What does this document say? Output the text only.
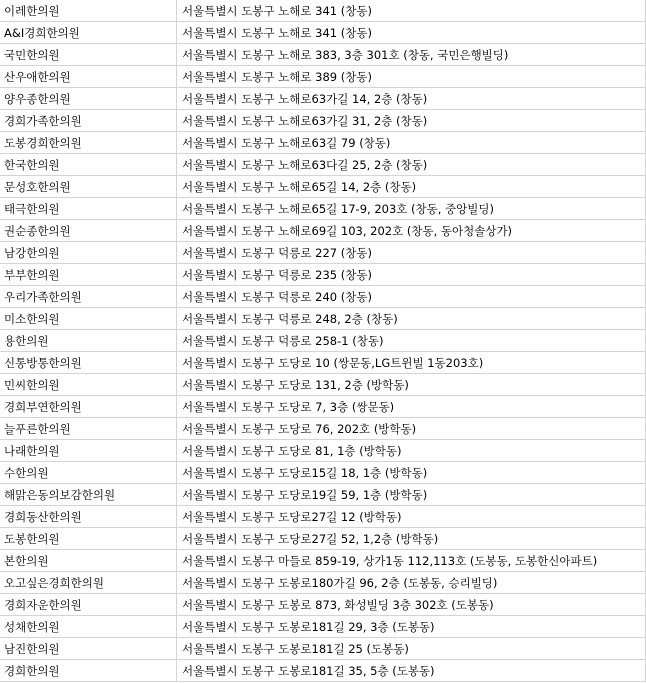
이레한의원	서울특별시 도봉구 노해로 341 (창동)
A&I경희한의원	서울특별시 도봉구 노해로 341 (창동)
국민한의원	서울특별시 도봉구 노해로 383, 3층 301호 (창동, 국민은행빌딩)
산우애한의원	서울특별시 도봉구 노해로 389 (창동)
양우종한의원	서울특별시 도봉구 노해로63가길 14, 2층 (창동)
경희가족한의원	서울특별시 도봉구 노해로63가길 31, 2층 (창동)
도봉경희한의원	서울특별시 도봉구 노해로63길 79 (창동)
한국한의원	서울특별시 도봉구 노해로63다길 25, 2층 (창동)
문성호한의원	서울특별시 도봉구 노해로65길 14, 2층 (창동)
태극한의원	서울특별시 도봉구 노해로65길 17-9, 203호 (창동, 중앙빌딩)
권순종한의원	서울특별시 도봉구 노해로69길 103, 202호 (창동, 동아청솔상가)
남강한의원	서울특별시 도봉구 덕릉로 227 (창동)
부부한의원	서울특별시 도봉구 덕릉로 235 (창동)
우리가족한의원	서울특별시 도봉구 덕릉로 240 (창동)
미소한의원	서울특별시 도봉구 덕릉로 248, 2층 (창동)
용한의원	서울특별시 도봉구 덕릉로 258-1 (창동)
신통방통한의원	서울특별시 도봉구 도당로 10 (쌍문동,LG트윈빌 1동203호)
민씨한의원	서울특별시 도봉구 도당로 131, 2층 (방학동)
경희부연한의원	서울특별시 도봉구 도당로 7, 3층 (쌍문동)
늘푸른한의원	서울특별시 도봉구 도당로 76, 202호 (방학동)
나래한의원	서울특별시 도봉구 도당로 81, 1층 (방학동)
수한의원	서울특별시 도봉구 도당로15길 18, 1층 (방학동)
해맑은동의보감한의원	서울특별시 도봉구 도당로19길 59, 1층 (방학동)
경희동산한의원	서울특별시 도봉구 도당로27길 12 (방학동)
도봉한의원	서울특별시 도봉구 도당로27길 52, 1,2층 (방학동)
본한의원	서울특별시 도봉구 마들로 859-19, 상가1동 112,113호 (도봉동, 도봉한신아파트)
오고싶은경희한의원	서울특별시 도봉구 도봉로180가길 96, 2층 (도봉동, 승리빌딩)
경희자운한의원	서울특별시 도봉구 도봉로 873, 화성빌딩 3층 302호 (도봉동)
성채한의원	서울특별시 도봉구 도봉로181길 29, 3층 (도봉동)
남진한의원	서울특별시 도봉구 도봉로181길 25 (도봉동)
경희한의원	서울특별시 도봉구 도봉로181길 35, 5층 (도봉동)
